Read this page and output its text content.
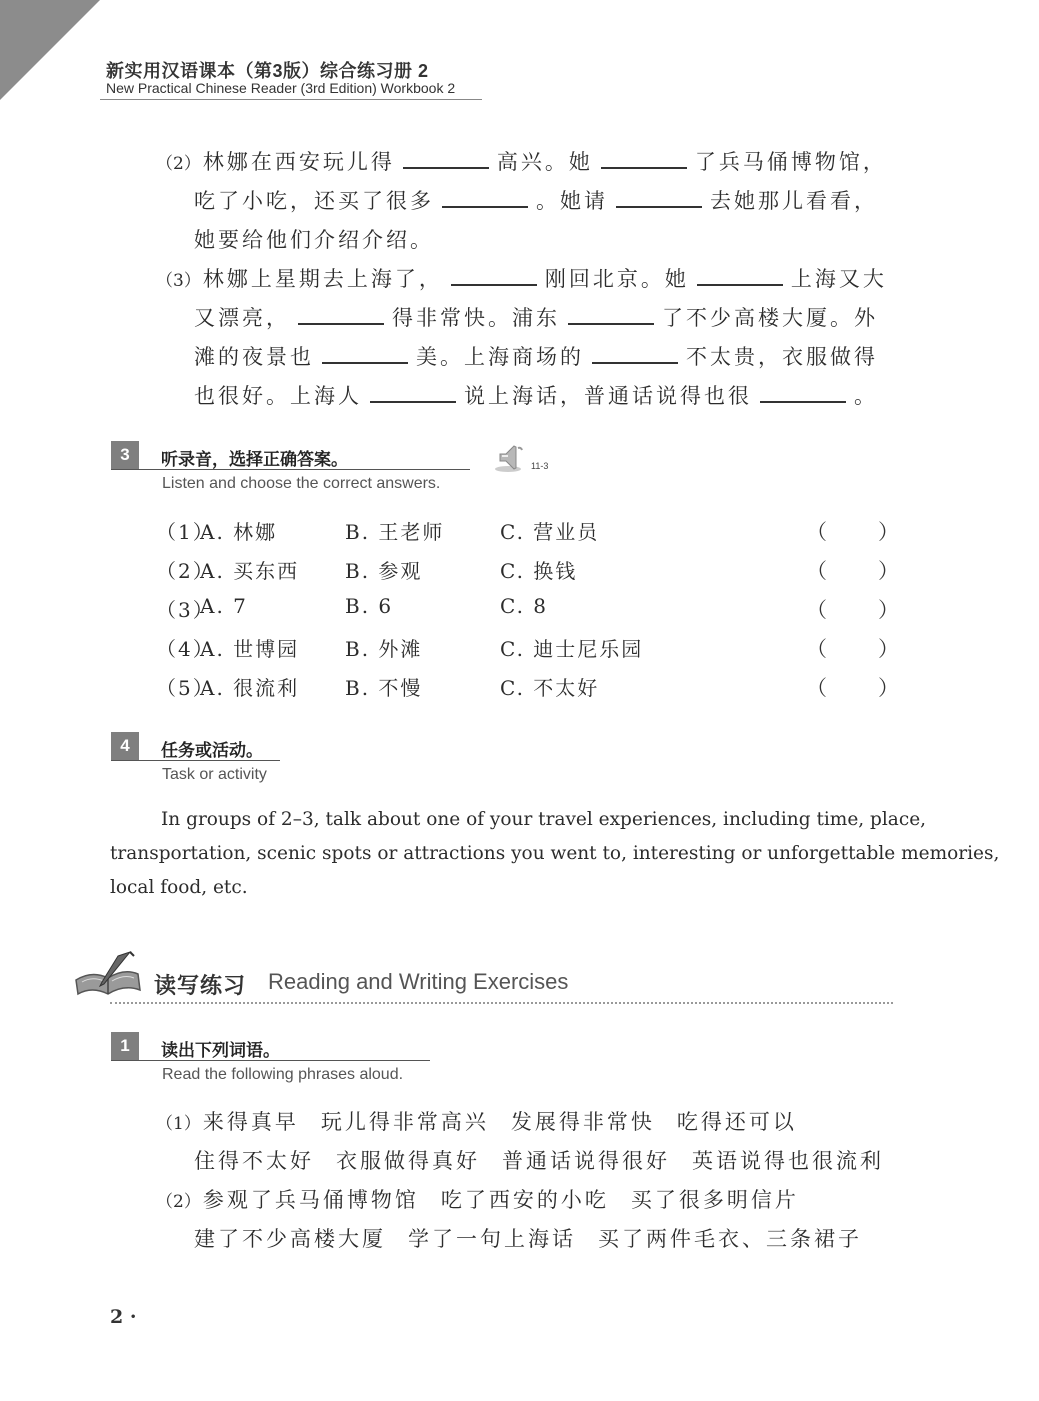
新实用汉语课本（第3版）综合练习册 2
New Practical Chinese Reader (3rd Edition) Workbook 2
（2）林娜在西安玩儿得	高兴。她	了兵马俑博物馆，
吃了小吃，还买了很多	。她请	去她那儿看看，
她要给他们介绍介绍。
（3）林娜上星期去上海了，	刚回北京。她	上海又大
又漂亮，	得非常快。浦东	了不少高楼大厦。外
滩的夜景也	美。上海商场的	不太贵，衣服做得
也很好。上海人	说上海话，普通话说得也很	。
3	听录音，选择正确答案。
Listen and choose the correct answers.
11-3
（1）
A. 林娜	B. 王老师	C. 营业员	（ ）
（2）
A. 买东西 B. 参观	C. 换钱	（ ）
（3）
A. 7	B. 6	C. 8	（ ）
（4）
A. 世博园 B. 外滩	C. 迪士尼乐园	（ ）
（5）
A. 很流利 B. 不慢	C. 不太好	（ ）
4	任务或活动。
Task or activity
In groups of 2–3, talk about one of your travel experiences, including time, place,
transportation, scenic spots or attractions you went to, interesting or unforgettable memories,
local food, etc.
读写练习 Reading and Writing Exercises
1	读出下列词语。
Read the following phrases aloud.
（1）来得真早 玩儿得非常高兴 发展得非常快 吃得还可以
住得不太好 衣服做得真好 普通话说得很好 英语说得也很流利
（2）参观了兵马俑博物馆 吃了西安的小吃 买了很多明信片
建了不少高楼大厦 学了一句上海话 买了两件毛衣、三条裙子
2 ·
